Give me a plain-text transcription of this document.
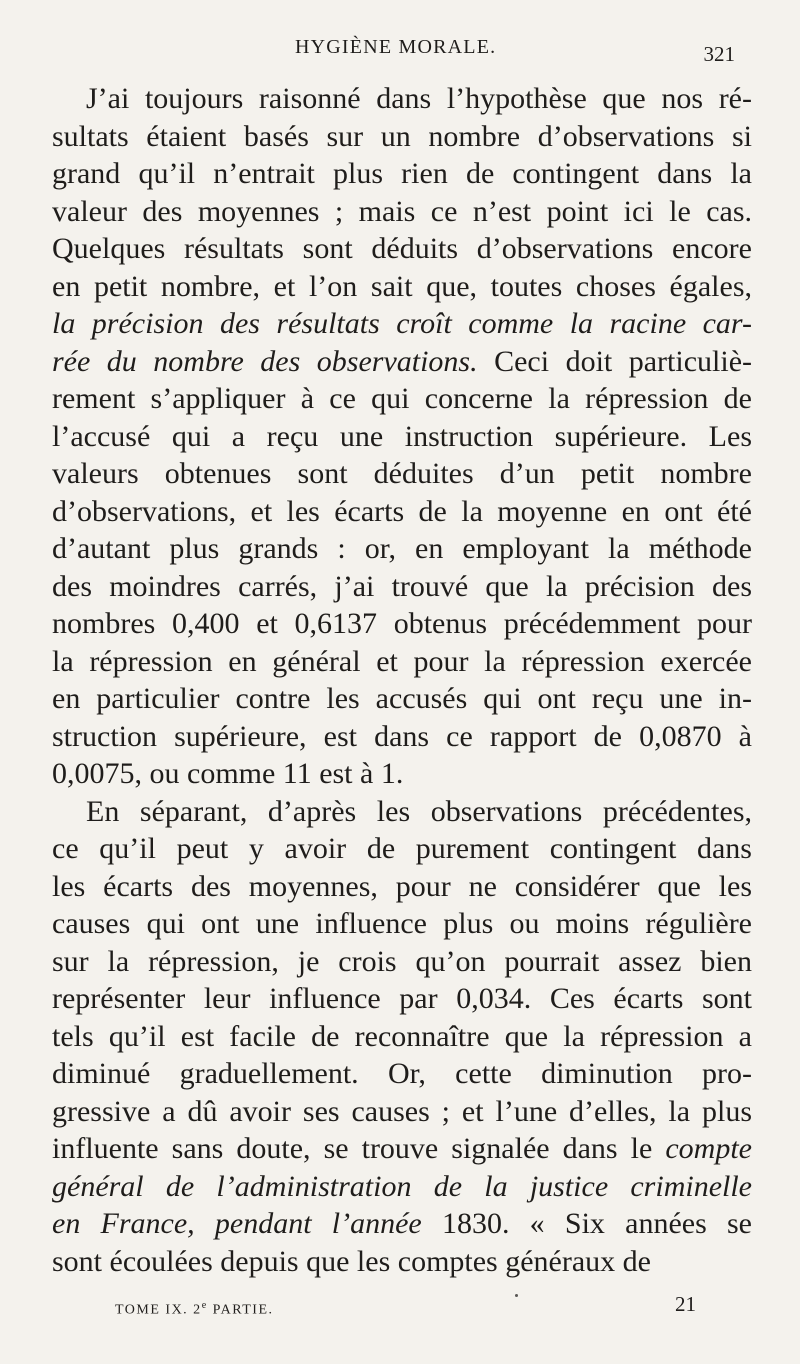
HYGIÈNE MORALE.	321
J’ai toujours raisonné dans l’hypothèse que nos ré-
sultats étaient basés sur un nombre d’observations si
grand qu’il n’entrait plus rien de contingent dans la
valeur des moyennes ; mais ce n’est point ici le cas.
Quelques résultats sont déduits d’observations encore
en petit nombre, et l’on sait que, toutes choses égales,
la précision des résultats croît comme la racine car-
rée du nombre des observations. Ceci doit particuliè-
rement s’appliquer à ce qui concerne la répression de
l’accusé qui a reçu une instruction supérieure. Les
valeurs obtenues sont déduites d’un petit nombre
d’observations, et les écarts de la moyenne en ont été
d’autant plus grands : or, en employant la méthode
des moindres carrés, j’ai trouvé que la précision des
nombres 0,400 et 0,6137 obtenus précédemment pour
la répression en général et pour la répression exercée
en particulier contre les accusés qui ont reçu une in-
struction supérieure, est dans ce rapport de 0,0870 à
0,0075, ou comme 11 est à 1.
En séparant, d’après les observations précédentes,
ce qu’il peut y avoir de purement contingent dans
les écarts des moyennes, pour ne considérer que les
causes qui ont une influence plus ou moins régulière
sur la répression, je crois qu’on pourrait assez bien
représenter leur influence par 0,034. Ces écarts sont
tels qu’il est facile de reconnaître que la répression a
diminué graduellement. Or, cette diminution pro-
gressive a dû avoir ses causes ; et l’une d’elles, la plus
influente sans doute, se trouve signalée dans le compte
général de l’administration de la justice criminelle
en France, pendant l’année 1830. « Six années se
sont écoulées depuis que les comptes généraux de
TOME IX. 2e PARTIE.	21
